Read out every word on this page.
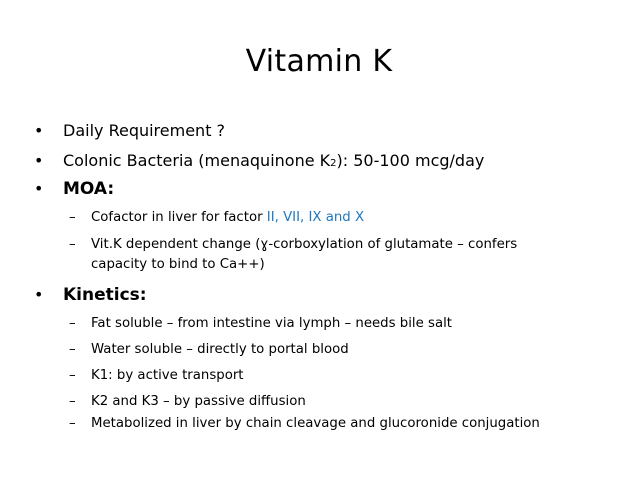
Vitamin K
• Daily Requirement ?
• Colonic Bacteria (menaquinone K2): 50-100 mcg/day
• MOA:
– Cofactor in liver for factor II, VII, IX and X
– Vit.K dependent change (ɣ-corboxylation of glutamate – confers
capacity to bind to Ca++)
• Kinetics:
– Fat soluble – from intestine via lymph – needs bile salt
– Water soluble – directly to portal blood
– K1: by active transport
– K2 and K3 – by passive diffusion
– Metabolized in liver by chain cleavage and glucoronide conjugation
